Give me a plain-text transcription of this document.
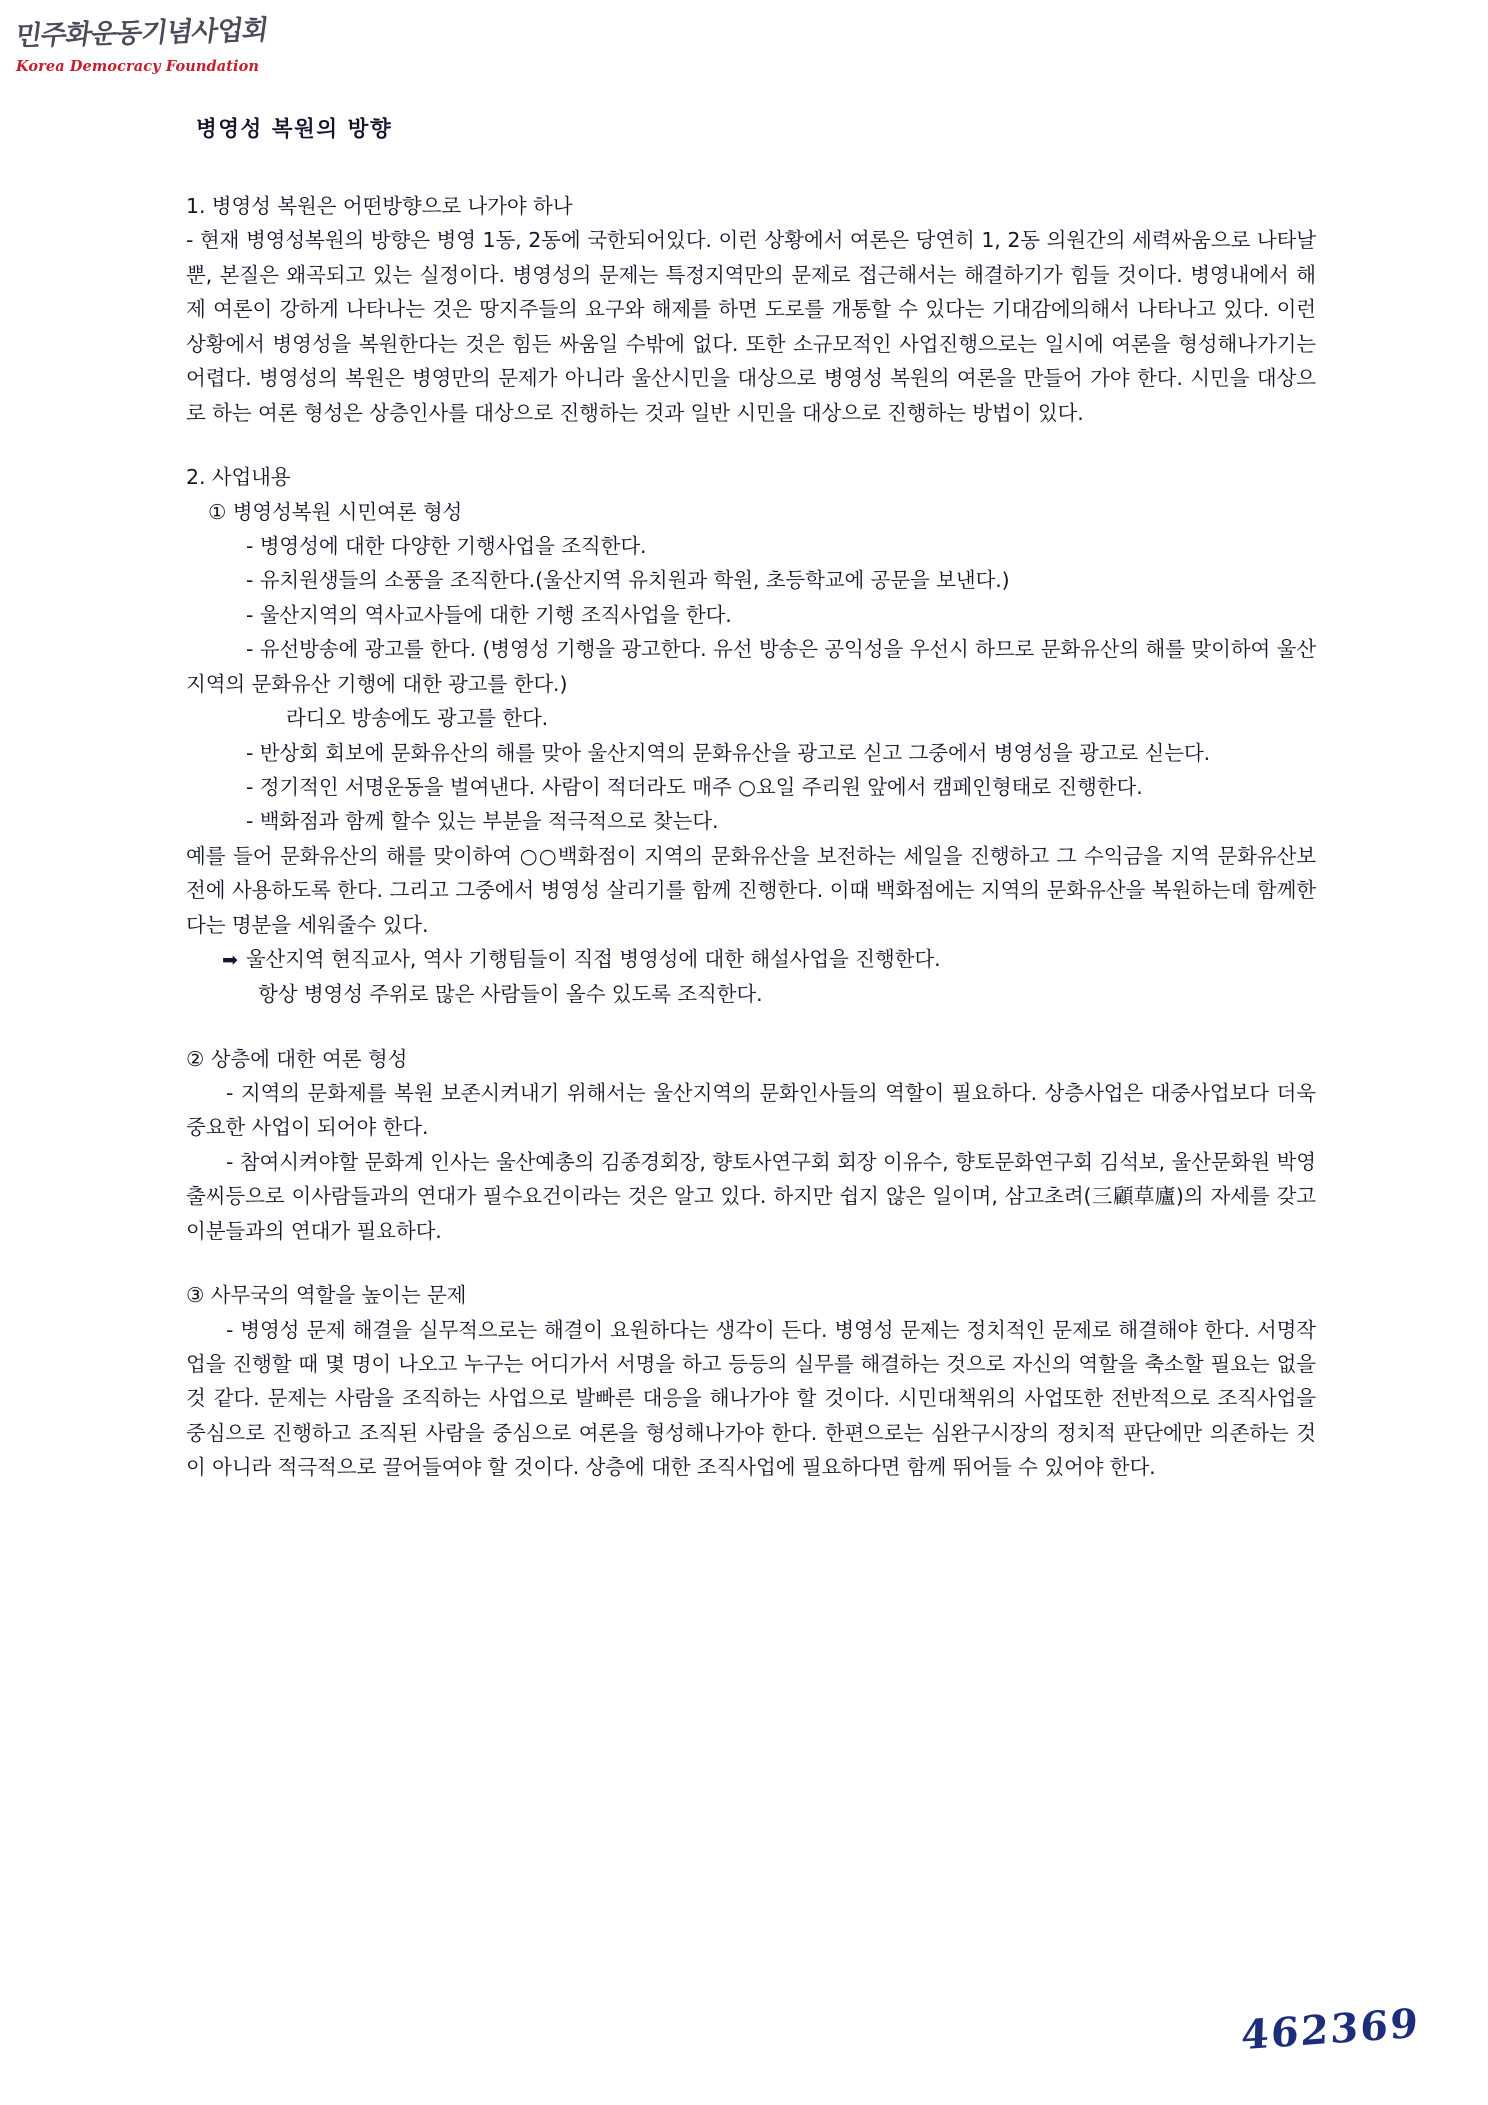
민주화운동기념사업회
Korea Democracy Foundation
병영성 복원의 방향

1. 병영성 복원은 어떤방향으로 나가야 하나

- 현재 병영성복원의 방향은 병영 1동, 2동에 국한되어있다. 이런 상황에서 여론은 당연히 1, 2동 의원간의 세력싸움으로 나타날뿐, 본질은 왜곡되고 있는 실정이다. 병영성의 문제는 특정지역만의 문제로 접근해서는 해결하기가 힘들 것이다. 병영내에서 해제 여론이 강하게 나타나는 것은 땅지주들의 요구와 해제를 하면 도로를 개통할 수 있다는 기대감에의해서 나타나고 있다. 이런 상황에서 병영성을 복원한다는 것은 힘든 싸움일 수밖에 없다. 또한 소규모적인 사업진행으로는 일시에 여론을 형성해나가기는 어렵다. 병영성의 복원은 병영만의 문제가 아니라 울산시민을 대상으로 병영성 복원의 여론을 만들어 가야 한다. 시민을 대상으로 하는 여론 형성은 상층인사를 대상으로 진행하는 것과 일반 시민을 대상으로 진행하는 방법이 있다.

2. 사업내용

① 병영성복원 시민여론 형성

- 병영성에 대한 다양한 기행사업을 조직한다.

- 유치원생들의 소풍을 조직한다.(울산지역 유치원과 학원, 초등학교에 공문을 보낸다.)

- 울산지역의 역사교사들에 대한 기행 조직사업을 한다.

- 유선방송에 광고를 한다. (병영성 기행을 광고한다. 유선 방송은 공익성을 우선시 하므로 문화유산의 해를 맞이하여 울산 지역의 문화유산 기행에 대한 광고를 한다.)

라디오 방송에도 광고를 한다.

- 반상회 회보에 문화유산의 해를 맞아 울산지역의 문화유산을 광고로 싣고 그중에서 병영성을 광고로 싣는다.

- 정기적인 서명운동을 벌여낸다. 사람이 적더라도 매주 ○요일 주리원 앞에서 캠페인형태로 진행한다.

- 백화점과 함께 할수 있는 부분을 적극적으로 찾는다.

예를 들어 문화유산의 해를 맞이하여 ○○백화점이 지역의 문화유산을 보전하는 세일을 진행하고 그 수익금을 지역 문화유산보전에 사용하도록 한다. 그리고 그중에서 병영성 살리기를 함께 진행한다. 이때 백화점에는 지역의 문화유산을 복원하는데 함께한다는 명분을 세워줄수 있다.

➡ 울산지역 현직교사, 역사 기행팀들이 직접 병영성에 대한 해설사업을 진행한다.

항상 병영성 주위로 많은 사람들이 올수 있도록 조직한다.

② 상층에 대한 여론 형성

- 지역의 문화제를 복원 보존시켜내기 위해서는 울산지역의 문화인사들의 역할이 필요하다. 상층사업은 대중사업보다 더욱 중요한 사업이 되어야 한다.

- 참여시켜야할 문화계 인사는 울산예총의 김종경회장, 향토사연구회 회장 이유수, 향토문화연구회 김석보, 울산문화원 박영출씨등으로 이사람들과의 연대가 필수요건이라는 것은 알고 있다. 하지만 쉽지 않은 일이며, 삼고초려(三顧草廬)의 자세를 갖고 이분들과의 연대가 필요하다.

③ 사무국의 역할을 높이는 문제

- 병영성 문제 해결을 실무적으로는 해결이 요원하다는 생각이 든다. 병영성 문제는 정치적인 문제로 해결해야 한다. 서명작업을 진행할 때 몇 명이 나오고 누구는 어디가서 서명을 하고 등등의 실무를 해결하는 것으로 자신의 역할을 축소할 필요는 없을 것 같다. 문제는 사람을 조직하는 사업으로 발빠른 대응을 해나가야 할 것이다. 시민대책위의 사업또한 전반적으로 조직사업을 중심으로 진행하고 조직된 사람을 중심으로 여론을 형성해나가야 한다. 한편으로는 심완구시장의 정치적 판단에만 의존하는 것이 아니라 적극적으로 끌어들여야 할 것이다. 상층에 대한 조직사업에 필요하다면 함께 뛰어들 수 있어야 한다.

462369
